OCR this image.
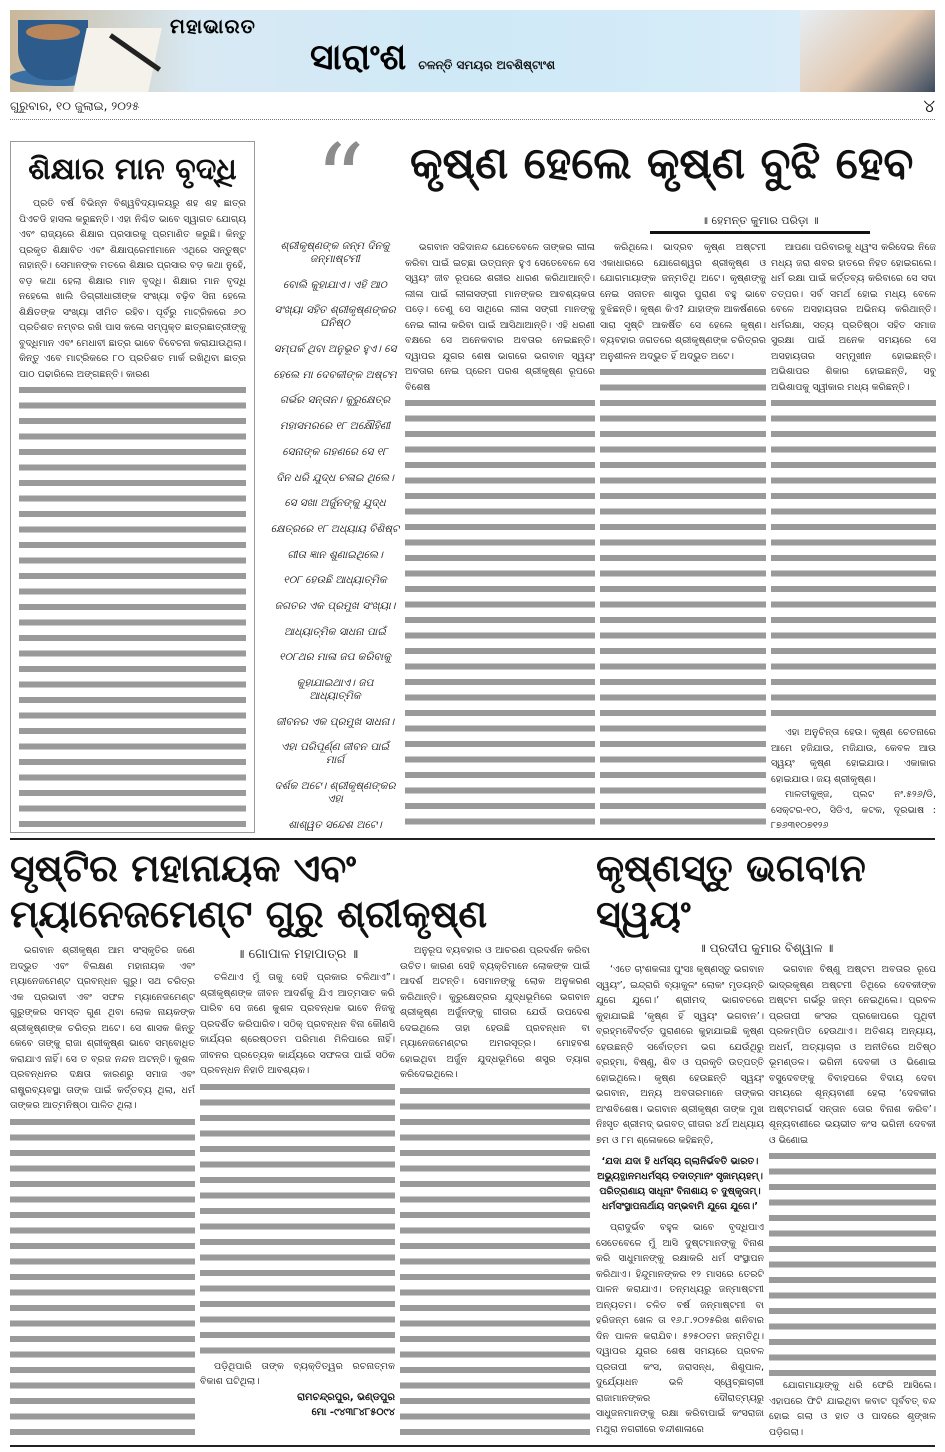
ମହାଭାରତ
ସାରାଂଶ ଚଳନ୍ତି ସମୟର ଅବଶିଷ୍ଟାଂଶ
ଗୁରୁବାର, ୧୦ ଜୁଲାଇ, ୨୦୨୫	୪
ଶିକ୍ଷାର ମାନ ବୃଦ୍ଧି

ପ୍ରତି ବର୍ଷ ବିଭିନ୍ନ ବିଶ୍ୱବିଦ୍ୟାଳୟରୁ ଶହ ଶହ ଛାତ୍ର ପିଏଚଡି ହାସଲ କରୁଛନ୍ତି। ଏହା ନିଶ୍ଚିତ ଭାବେ ସ୍ୱାଗତ ଯୋଗ୍ୟ ଏବଂ ରାଜ୍ୟରେ ଶିକ୍ଷାର ପ୍ରସାରକୁ ପ୍ରମାଣିତ କରୁଛି। କିନ୍ତୁ ପ୍ରକୃତ ଶିକ୍ଷାବିତ ଏବଂ ଶିକ୍ଷାପ୍ରେମୀମାନେ ଏଥିରେ ସନ୍ତୁଷ୍ଟ ନାହାନ୍ତି। ସେମାନଙ୍କ ମତରେ ଶିକ୍ଷାର ପ୍ରସାର ବଡ଼ କଥା ନୁହେଁ, ବଡ଼ କଥା ହେଲା ଶିକ୍ଷାର ମାନ ବୃଦ୍ଧି। ଶିକ୍ଷାର ମାନ ବୃଦ୍ଧି ନହେଲେ ଖାଲି ଡିଗ୍ରୀଧାରୀଙ୍କ ସଂଖ୍ୟା ବଢ଼ିବ ସିନା ହେଲେ ଶିକ୍ଷିତଙ୍କ ସଂଖ୍ୟା ସୀମିତ ରହିବ। ପୂର୍ବରୁ ମାଟ୍ରିକରେ ୬୦ ପ୍ରତିଶତ ନମ୍ବର ରଖି ପାସ କଲେ ସମ୍ପୃକ୍ତ ଛାତ୍ରଛାତ୍ରୀଙ୍କୁ ବୁଦ୍ଧିମାନ ଏବଂ ମେଧାବୀ ଛାତ୍ର ଭାବେ ବିବେଚନା କରାଯାଉଥିଲା। କିନ୍ତୁ ଏବେ ମାଟ୍ରିକରେ ୮୦ ପ୍ରତିଶତ ମାର୍କ ରଖିଥିବା ଛାତ୍ର ପାଠ ପଢାରିଲେ ଅଙ୍ଗଛନ୍ତି। କାରଣ

“	କୃଷ୍ଣ ହେଲେ କୃଷ୍ଣ ବୁଝି ହେବ
॥ ହେମନ୍ତ କୁମାର ପରିଡ଼ା ॥
ଶ୍ରୀକୃଷ୍ଣଙ୍କ ଜନ୍ମ ଦିନକୁ ଜନ୍ମାଷ୍ଟମୀ
ବୋଲି କୁହାଯାଏ। ଏହି ଆଠ
ସଂଖ୍ୟା ସହିତ ଶ୍ରୀକୃଷ୍ଣଙ୍କର ଘନିଷ୍ଠ
ସମ୍ପର୍କ ଥିବା ଅନୁଭୂତ ହୁଏ। ସେ
ହେଲେ ମା ଦେବକୀଙ୍କ ଅଷ୍ଟମ
ଗର୍ଭର ସନ୍ତାନ। କୁରୁକ୍ଷେତ୍ର
ମହାସମରରେ ୧୮ ଅକ୍ଷୌହିଣୀ
ସେନାଙ୍କ ଗହଣରେ ସେ ୧୮
ଦିନ ଧରି ଯୁଦ୍ଧ ଚଳାଇ ଥିଲେ।
ସେ ସଖା ଅର୍ଜୁନଙ୍କୁ ଯୁଦ୍ଧ
କ୍ଷେତ୍ରରେ ୧୮ ଅଧ୍ୟାୟ ବିଶିଷ୍ଟ
ଗୀତା ଜ୍ଞାନ ଶୁଣାଇଥିଲେ।
୧୦୮ ହେଉଛି ଆଧ୍ୟାତ୍ମିକ
ଜଗତର ଏକ ପ୍ରମୁଖ ସଂଖ୍ୟା।
ଆଧ୍ୟାତ୍ମିକ ସାଧନା ପାଇଁ
୧୦୮ଥର ମାଳା ଜପ କରିବାକୁ
କୁହାଯାଇଥାଏ। ଜପ ଆଧ୍ୟାତ୍ମିକ
ଜୀବନର ଏକ ପ୍ରମୁଖ ସାଧନା।
ଏହା ପରିପୂର୍ଣ୍ଣ ଜୀବନ ପାଇଁ ମାର୍ଗ
ଦର୍ଶକ ଅଟେ। ଶ୍ରୀକୃଷ୍ଣଙ୍କର ଏହା
ଶାଶ୍ୱତ ସନ୍ଦେଶ ଅଟେ।

ଭଗବାନ ସଚ୍ଚିଦାନନ୍ଦ ଯେତେବେଳେ ତାଙ୍କର ଲୀଳା କରିବା ପାଇଁ ଇଚ୍ଛା ଉତ୍ପନ୍ନ ହୁଏ ସେତେବେଳେ ସେ ସ୍ୱୟଂ ଜୀବ ରୂପରେ ଶରୀର ଧାରଣ କରିଥାଆନ୍ତି। ଲୀଳା ପାଇଁ ଲୀଳାସଙ୍ଗୀ ମାନଙ୍କର ଆବଶ୍ୟକତା ପଡ଼େ। ତେଣୁ ସେ ସାଥିରେ ଲୀଳା ସଙ୍ଗୀ ମାନଙ୍କୁ ନେଇ ଲୀଳା କରିବା ପାଇଁ ଆସିଥାଆନ୍ତି। ଏହି ଧରଣୀ ବକ୍ଷରେ ସେ ଅନେକବାର ଅବତାର ନେଇଛନ୍ତି। ଦ୍ୱାପର ଯୁଗର ଶେଷ ଭାଗରେ ଭଗବାନ ସ୍ୱୟଂ ଅବତାର ନେଇ ପ୍ରେମ ପରଶ ଶ୍ରୀକୃଷ୍ଣ ରୂପରେ ବିଶେଷ

କରିଥିଲେ। ଭାଦ୍ରବ କୃଷ୍ଣ ଅଷ୍ଟମୀ ଏକାଧାରରେ ଯୋଗେଶ୍ୱର ଶ୍ରୀକୃଷ୍ଣ ଓ ଯୋଗମାୟାଙ୍କ ଜନ୍ମତିଥି ଅଟେ। କୃଷ୍ଣଙ୍କୁ ନେଇ ସନାତନ ଶାସ୍ତ୍ର ପୁରାଣ ବହୁ ଭାବେ ବୁଝିଛନ୍ତି। କୃଷ୍ଣ କିଏ? ଯାହାଙ୍କ ଆକର୍ଷଣରେ ସାରା ସୃଷ୍ଟି ଆକର୍ଷିତ ସେ ହେଲେ କୃଷ୍ଣ। ବ୍ୟବହାର ଜଗତରେ ଶ୍ରୀକୃଷ୍ଣଙ୍କ ଚରିତ୍ରର ଅନୁଶୀଳନ ଅଦ୍ଭୁତ ହିଁ ଅଦ୍ଭୁତ ଅଟେ।

ଆପଣା ପରିବାରକୁ ଧ୍ୱଂସ କରିଦେଇ ନିଜେ ମଧ୍ୟ ଜରା ଶବର ହାତରେ ନିହତ ହୋଇଗଲେ। ଧର୍ମ ରକ୍ଷା ପାଇଁ କର୍ତ୍ତବ୍ୟ କରିବାରେ ସେ ସଦା ତତ୍ପର। ସର୍ବ ସମର୍ଥ ହୋଇ ମଧ୍ୟ ବେଳେ ବେଳେ ଅସହାୟତାର ଅଭିନୟ କରିଥାନ୍ତି। ଧର୍ମରକ୍ଷା, ସତ୍ୟ ପ୍ରତିଷ୍ଠା ସହିତ ସମାଜ ସୁରକ୍ଷା ପାଇଁ ଅନେକ ସମୟରେ ସେ ଅସହାୟତାର ସମ୍ମୁଖୀନ ହୋଇଛନ୍ତି। ଅଭିଶାପର ଶିକାର ହୋଇଛନ୍ତି, ସବୁ ଅଭିଶାପକୁ ସ୍ୱୀକାର ମଧ୍ୟ କରିଛନ୍ତି।

ଏହା ଅନୁଚିନ୍ତା ହେଉ। କୃଷ୍ଣ ଚେତନାରେ ଆମେ ହଜିଯାଉ, ମଜିଯାଉ, କେବଳ ଆଉ ସ୍ୱୟଂ କୃଷ୍ଣ ହୋଇଯାଉ। ଏକାକାର ହୋଇଯାଉ। ଜୟ ଶ୍ରୀକୃଷ୍ଣ।

ମାଳତୀକୁଞ୍ଜ, ପ୍ଲଟ ନଂ.୫୨୬/ଡି, ସେକ୍ଟର-୧୦, ସିଡିଏ, କଟକ, ଦୂରଭାଷ : ୮୭୬୩୧୦୭୧୨୬

ସୃଷ୍ଟିର ମହାନାୟକ ଏବଂ ମ୍ୟାନେଜମେଣ୍ଟ ଗୁରୁ ଶ୍ରୀକୃଷ୍ଣ

ଭଗବାନ ଶ୍ରୀକୃଷ୍ଣ ଆମ ସଂସ୍କୃତିର ଜଣେ ଅଦ୍ଭୁତ ଏବଂ ବିଲକ୍ଷଣ ମହାନାୟକ ଏବଂ ମ୍ୟାନେଜମେଣ୍ଟ ପ୍ରବନ୍ଧନ ଗୁରୁ। ସଥ ଚରିତ୍ର ଏକ ପ୍ରଭାବୀ ଏବଂ ସଫଳ ମ୍ୟାନେଜମେଣ୍ଟ ଗୁରୁଙ୍କର ସମସ୍ତ ଗୁଣ ଥିବା ଲୋକ ନାୟକଙ୍କ ଶ୍ରୀକୃଷ୍ଣଙ୍କ ଚରିତ୍ର ଅଟେ। ସେ ଶାସକ କିନ୍ତୁ କେବେ ତାଙ୍କୁ ରାଜା ଶ୍ରୀକୃଷ୍ଣ ଭାବେ ସମ୍ବୋଧିତ କରାଯାଏ ନାହିଁ। ସେ ତ ବ୍ରଜ ନନ୍ଦନ ଅଟନ୍ତି। କୁଶଳ ପ୍ରବନ୍ଧନର ଦକ୍ଷତା କାରଣରୁ ସମାଜ ଏବଂ ରାଷ୍ଟ୍ରବ୍ୟବସ୍ଥା ତାଙ୍କ ପାଇଁ କର୍ତ୍ତବ୍ୟ ଥିଲା, ଧର୍ମ ତାଙ୍କର ଆତ୍ମନିଷ୍ଠା ପାଳିତ ଥିଲା।

॥ ଗୋପାଳ ମହାପାତ୍ର ॥

ଚଳିଥାଏ ମୁଁ ତାକୁ ସେହି ପ୍ରକାର ଚଳିଥାଏ”। ଶ୍ରୀକୃଷ୍ଣଙ୍କ ଜୀବନ ଆଦର୍ଶକୁ ଯିଏ ଆତ୍ମସାତ କରି ପାରିବ ସେ ଜଣେ କୁଶଳ ପ୍ରବନ୍ଧକ ଭାବେ ନିଜକୁ ପ୍ରଦର୍ଶିତ କରିପାରିବ। ସଠିକ୍ ପ୍ରବନ୍ଧନ ବିନା କୌଣସି କାର୍ଯ୍ୟର ଶ୍ରେଷ୍ଠତମ ପରିମାଣ ମିଳିପାରେ ନାହିଁ। ଜୀବନର ପ୍ରତ୍ୟେକ କାର୍ଯ୍ୟରେ ସଫଳତା ପାଇଁ ସଠିକ ପ୍ରବନ୍ଧନ ନିହାତି ଆବଶ୍ୟକ।

ପଡ଼ିଥିପାରି ତାଙ୍କ ବ୍ୟକ୍ତିତ୍ୱର ରଚନାତ୍ମକ ବିକାଶ ଘଟିଥିଲା।

ରାମଚନ୍ଦ୍ରପୁର, ଭଣ୍ଡପୁର
ମୋ -୯୪୩୮୪୮୫୦୯୪

ଅନୁରୂପ ବ୍ୟବହାର ଓ ଆଚରଣ ପ୍ରଦର୍ଶନ କରିବା ଉଚିତ। କାରଣ ସେହି ବ୍ୟକ୍ତିମାନେ ଲୋକଙ୍କ ପାଇଁ ଆଦର୍ଶ ଅଟନ୍ତି। ସେମାନଙ୍କୁ ଲୋକ ଅନୁକରଣ କରିଥାନ୍ତି। କୁରୁକ୍ଷେତ୍ରର ଯୁଦ୍ଧଭୂମିରେ ଭଗବାନ ଶ୍ରୀକୃଷ୍ଣ ଅର୍ଜୁନଙ୍କୁ ଗୀତାର ଯେଉଁ ଉପଦେଶ ଦେଇଥିଲେ ତାହା ହେଉଛି ପ୍ରବନ୍ଧନ ବା ମ୍ୟାନେଜମେଣ୍ଟର ଅମରସୂତ୍ର। ମୋହବଶ ହୋଇଥିବା ଅର୍ଜୁନ ଯୁଦ୍ଧଭୂମିରେ ଶସ୍ତ୍ର ତ୍ୟାଗ କରିଦେଇଥିଲେ।

କୃଷ୍ଣସ୍ତୁ ଭଗବାନ ସ୍ୱୟଂ
॥ ପ୍ରଦୀପ କୁମାର ବିଶ୍ୱାଳ ॥

‘ଏତେ ଚାଂଶକଳାଃ ପୁଂସଃ କୃଷ୍ଣସ୍ତୁ ଭଗବାନ ସ୍ୱୟଂ’, ଇନ୍ଦ୍ରାରି ବ୍ୟାକୁଳଂ ଲୋକଂ ମୃଡୟନ୍ତି ଯୁଗେ ଯୁଗେ।’ ଶ୍ରୀମଦ୍ ଭାଗବତରେ କୁହାଯାଇଛି ‘କୃଷ୍ଣ ହିଁ ସ୍ୱୟଂ ଭଗବାନ’। ବ୍ରହ୍ମବୈବର୍ତ୍ତ ପୁରାଣରେ କୁହାଯାଇଛି କୃଷ୍ଣ ହେଉଛନ୍ତି ସର୍ବୋତ୍ତମ ଭଗ ଯେଉଁଥିରୁ ବ୍ରହ୍ମା, ବିଷ୍ଣୁ, ଶିବ ଓ ପ୍ରକୃତି ଉତ୍ପତ୍ତି ହୋଇଥିଲେ। କୃଷ୍ଣ ହେଉଛନ୍ତି ସ୍ୱୟଂ ଭଗବାନ, ଅନ୍ୟ ଅବତାରମାନେ ତାଙ୍କର ଅଂଶବିଶେଷ। ଭଗବାନ ଶ୍ରୀକୃଷ୍ଣ ତାଙ୍କ ମୁଖ ନିଃସୃତ ଶ୍ରୀମଦ୍ ଭଗବତ୍ ଗୀତାର ୪ର୍ଥ ଅଧ୍ୟାୟ ୭ମ ଓ ୮ମ ଶ୍ଳୋକରେ କହିଛନ୍ତି,

‘ଯଦା ଯଦା ହି ଧର୍ମସ୍ୟ ଗ୍ଲାନିର୍ଭବତି ଭାରତ।
ଅଭ୍ୟୁତ୍ଥାନମଧର୍ମସ୍ୟ ତଦାତ୍ମାନଂ ସୃଜାମ୍ୟହମ୍।
ପରିତ୍ରାଣାୟ ସାଧୂନାଂ ବିନାଶାୟ ଚ ଦୁଷ୍କୃତାମ୍।
ଧର୍ମସଂସ୍ଥାପନାର୍ଥାୟ ସମ୍ଭବାମି ଯୁଗେ ଯୁଗେ।’

ପ୍ରାଦୁର୍ଭବ ବହୁଳ ଭାବେ ବୃଦ୍ଧିପାଏ ସେତେବେଳେ ମୁଁ ଆସି ଦୁଷ୍ଟମାନଙ୍କୁ ବିନାଶ କରି ସାଧୁମାନଙ୍କୁ ରକ୍ଷାକରି ଧର୍ମ ସଂସ୍ଥାପନ କରିଥାଏ। ହିନ୍ଦୁମାନଙ୍କର ୧୨ ମାସରେ ତେରଟି ପାଳନ କରାଯାଏ। ତନ୍ମଧ୍ୟରୁ ଜନ୍ମାଷ୍ଟମୀ ଅନ୍ୟତମ। ଚଳିତ ବର୍ଷ ଜନ୍ମାଷ୍ଟମୀ ବା ହରିଜନ୍ମ ଖେଳ ତା ୧୬.୮.୨୦୨୫ରିଖ ଶନିବାର ଦିନ ପାଳନ କରାଯିବ। ୫୨୫୦ତମ ଜନ୍ମତିଥି। ଦ୍ୱାପର ଯୁଗର ଶେଷ ସମୟରେ ପ୍ରବଳ ପ୍ରତାପୀ କଂସ, ଜରାସନ୍ଧ, ଶିଶୁପାଳ, ଦୁର୍ଯ୍ୟୋଧନ ଭଳି ସ୍ୱେଚ୍ଛାଚାରୀ ରାଜାମାନଙ୍କର ଦୌରାତ୍ମ୍ୟରୁ ସାଧୁଜନମାନଙ୍କୁ ରକ୍ଷା କରିବାପାଇଁ କଂସରାଜା ମଥୁରା ନଗରୀରେ ବନ୍ଦୀଶାଳାରେ

ଭଗବାନ ବିଷ୍ଣୁ ଅଷ୍ଟମ ଅବତାର ରୂପେ ଭାଦ୍ରକୃଷ୍ଣ ଅଷ୍ଟମୀ ତିଥିରେ ଦେବକୀଙ୍କ ଅଷ୍ଟମ ଗର୍ଭରୁ ଜନ୍ମ ନେଇଥିଲେ। ପ୍ରବଳ ପ୍ରତାପୀ କଂସର ପ୍ରକୋପରେ ପୃଥିବୀ ପ୍ରକମ୍ପିତ ହେଉଥାଏ। ଅତିଶୟ ଅନ୍ୟାୟ, ଅଧର୍ମ, ଅତ୍ୟାଚାର ଓ ଅନୀତିରେ ଅତିଷ୍ଠ ଭୂମଣ୍ଡଳ। ଭଗିନୀ ଦେବକୀ ଓ ଭିଣୋଇ ବସୁଦେବଙ୍କୁ ବିବାହପରେ ବିଦାୟ ଦେବା ସମୟରେ ଶୂନ୍ୟବାଣୀ ହେଲା ‘ଦେବକୀର ଅଷ୍ଟମଗର୍ଭ ସନ୍ତାନ ତୋର ବିନାଶ କରିବ’। ଶୂନ୍ୟବାଣୀରେ ଭୟଭୀତ କଂସ ଭଗିନୀ ଦେବକୀ ଓ ଭିଣୋଇ

ଯୋଗମାୟାଙ୍କୁ ଧରି ଫେରି ଆସିଲେ। ଏହାପରେ ଫିଟି ଯାଇଥିବା କବାଟ ପୂର୍ବବତ୍ ବନ୍ଦ ହୋଇ ଗଲା ଓ ହାତ ଓ ପାଦରେ ଶୃଙ୍ଖଳ ପଡ଼ିଗଲା।
